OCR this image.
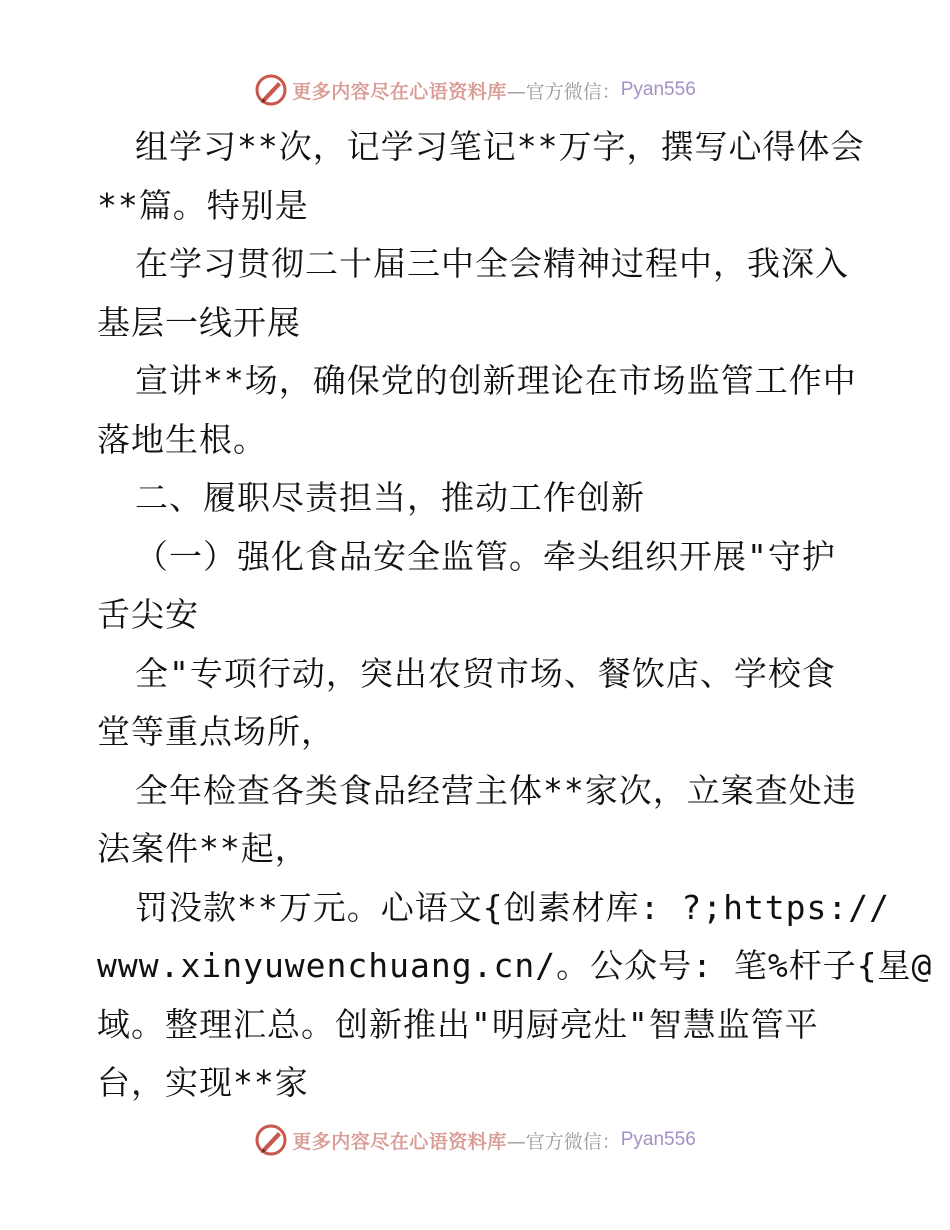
更多内容尽在心语资料库 —官方微信： Pyan556
组学习**次，记学习笔记**万字，撰写心得体会
**篇。特别是
在学习贯彻二十届三中全会精神过程中，我深入
基层一线开展
宣讲**场，确保党的创新理论在市场监管工作中
落地生根。
二、履职尽责担当，推动工作创新
（一）强化食品安全监管。牵头组织开展"守护
舌尖安
全"专项行动，突出农贸市场、餐饮店、学校食
堂等重点场所，
全年检查各类食品经营主体**家次，立案查处违
法案件**起，
罚没款**万元。心语文{创素材库: ?;https://
www.xinyuwenchuang.cn/。公众号: 笔%杆子{星@
域。整理汇总。创新推出"明厨亮灶"智慧监管平
台，实现**家
更多内容尽在心语资料库 —官方微信： Pyan556
